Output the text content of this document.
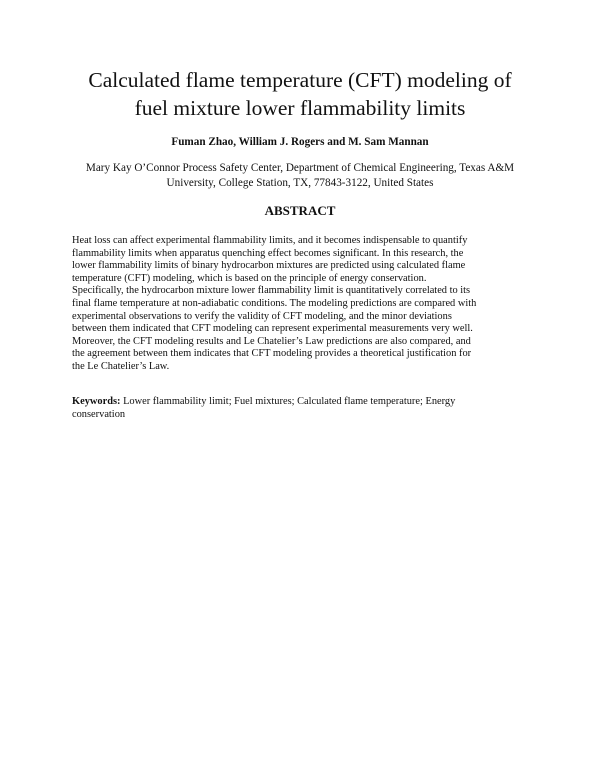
Calculated flame temperature (CFT) modeling of
fuel mixture lower flammability limits

Fuman Zhao, William J. Rogers and M. Sam Mannan

Mary Kay O’Connor Process Safety Center, Department of Chemical Engineering, Texas A&M
University, College Station, TX, 77843-3122, United States

ABSTRACT

Heat loss can affect experimental flammability limits, and it becomes indispensable to quantify
flammability limits when apparatus quenching effect becomes significant. In this research, the
lower flammability limits of binary hydrocarbon mixtures are predicted using calculated flame
temperature (CFT) modeling, which is based on the principle of energy conservation.
Specifically, the hydrocarbon mixture lower flammability limit is quantitatively correlated to its
final flame temperature at non-adiabatic conditions. The modeling predictions are compared with
experimental observations to verify the validity of CFT modeling, and the minor deviations
between them indicated that CFT modeling can represent experimental measurements very well.
Moreover, the CFT modeling results and Le Chatelier’s Law predictions are also compared, and
the agreement between them indicates that CFT modeling provides a theoretical justification for
the Le Chatelier’s Law.

Keywords: Lower flammability limit; Fuel mixtures; Calculated flame temperature; Energy
conservation
